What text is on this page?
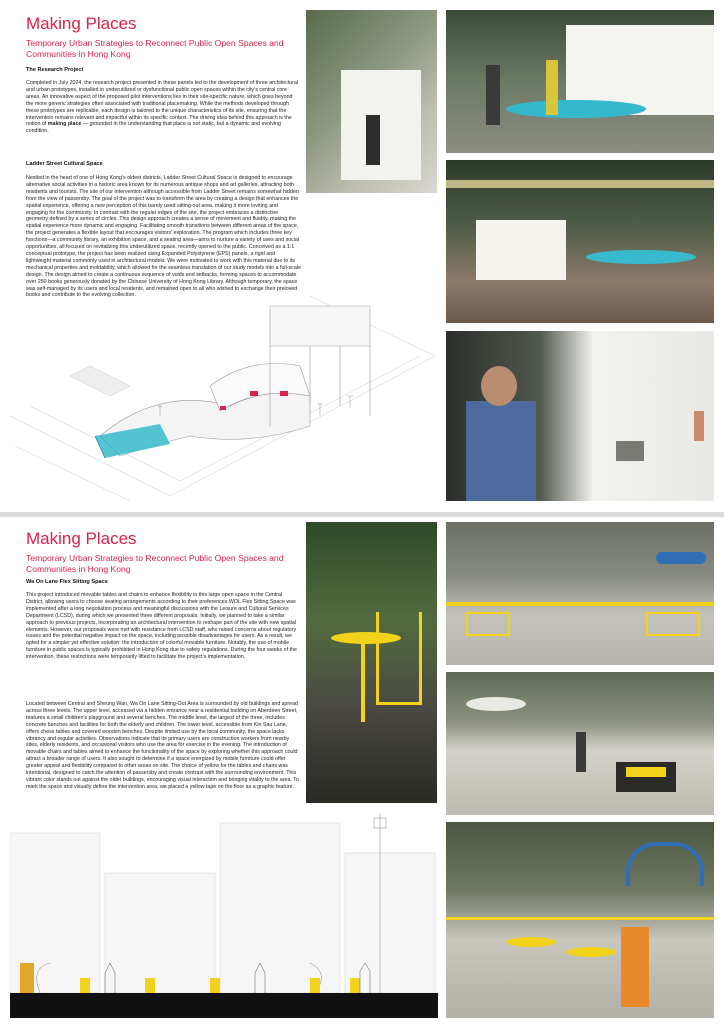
Making Places
Temporary Urban Strategies to Reconnect Public Open Spaces and Communities in Hong Kong
The Research Project

Completed in July 2024, the research project presented in these panels led to the development of three architectural and urban prototypes, installed in underutilized or dysfunctional public open spaces within the city's central core areas. An innovative aspect of the proposed pilot interventions lies in their site-specific nature, which goes beyond the more generic strategies often associated with traditional placemaking. While the methods developed through these prototypes are replicable, each design is tailored to the unique characteristics of its site, ensuring that the intervention remains relevant and impactful within its specific context. The driving idea behind this approach is the notion of making place — grounded in the understanding that place is not static, but a dynamic and evolving condition.

Ladder Street Cultural Space

Nestled in the heart of one of Hong Kong's oldest districts, Ladder Street Cultural Space is designed to encourage alternative social activities in a historic area known for its numerous antique shops and art galleries, attracting both residents and tourists. The site of our intervention although accessible from Ladder Street remains somewhat hidden from the view of passersby. The goal of the project was to transform the area by creating a design that enhances the spatial experience, offering a new perception of this barely used sitting-out area, making it more inviting and engaging for the community. In contrast with the regular edges of the site, the project embraces a distinctive geometry defined by a series of circles. This design approach creates a sense of movement and fluidity, making the spatial experience more dynamic and engaging. Facilitating smooth transitions between different areas of the space, the project generates a flexible layout that encourages visitors' exploration. The program which includes three key functions—a community library, an exhibition space, and a seating area—aims to nurture a variety of uses and social opportunities, all focused on revitalizing this underutilized space, recently opened to the public. Conceived as a 1:1 conceptual prototype, the project has been realized using Expanded Polystyrene (EPS) panels, a rigid and lightweight material commonly used in architectural models. We were motivated to work with this material due to its mechanical properties and moldability, which allowed for the seamless translation of our study models into a full-scale design. The design aimed to create a continuous sequence of voids and setbacks, forming spaces to accommodate over 250 books generously donated by the Chinese University of Hong Kong Library. Although temporary, the space was self-managed by its users and local residents, and remained open to all who wished to exchange their preloved books and contribute to the evolving collection.

Making Places
Temporary Urban Strategies to Reconnect Public Open Spaces and Communities in Hong Kong
Wa On Lane Flex Sitting Space

This project introduced movable tables and chairs to enhance flexibility in this large open space in the Central District, allowing users to choose seating arrangements according to their preferences.WOL Flex Sitting Space was implemented after a long negotiation process and meaningful discussions with the Leisure and Cultural Services Department (LCSD), during which we presented three different proposals. Initially, we planned to take a similar approach to previous projects, incorporating an architectural intervention to reshape part of the site with new spatial elements. However, our proposals were met with resistance from LCSD staff, who raised concerns about regulatory issues and the potential negative impact on the space, including possible disadvantages for users. As a result, we opted for a simpler yet effective solution: the introduction of colorful movable furniture. Notably, the use of mobile furniture in public spaces is typically prohibited in Hong Kong due to safety regulations. During the four weeks of the intervention, these restrictions were temporarily lifted to facilitate the project's implementation.

Located between Central and Sheung Wan, Wa On Lane Sitting-Out Area is surrounded by old buildings and spread across three levels. The upper level, accessed via a hidden entrance near a residential building on Aberdeen Street, features a small children's playground and several benches. The middle level, the largest of the three, includes concrete benches and facilities for both the elderly and children. The lower level, accessible from Kin Sau Lane, offers chess tables and covered wooden benches. Despite limited use by the local community, the space lacks vibrancy and regular activities. Observations indicate that its primary users are construction workers from nearby sites, elderly residents, and occasional visitors who use the area for exercise in the evening. The introduction of movable chairs and tables aimed to enhance the functionality of the space by exploring whether this approach could attract a broader range of users. It also sought to determine if a space energized by mobile furniture could offer greater appeal and flexibility compared to other areas on site. The choice of yellow for the tables and chairs was intentional, designed to catch the attention of passersby and create contrast with the surrounding environment. This vibrant color stands out against the older buildings, encouraging visual interaction and bringing vitality to the area. To mark the space and visually define the intervention area, we placed a yellow tape on the floor as a graphic feature.
